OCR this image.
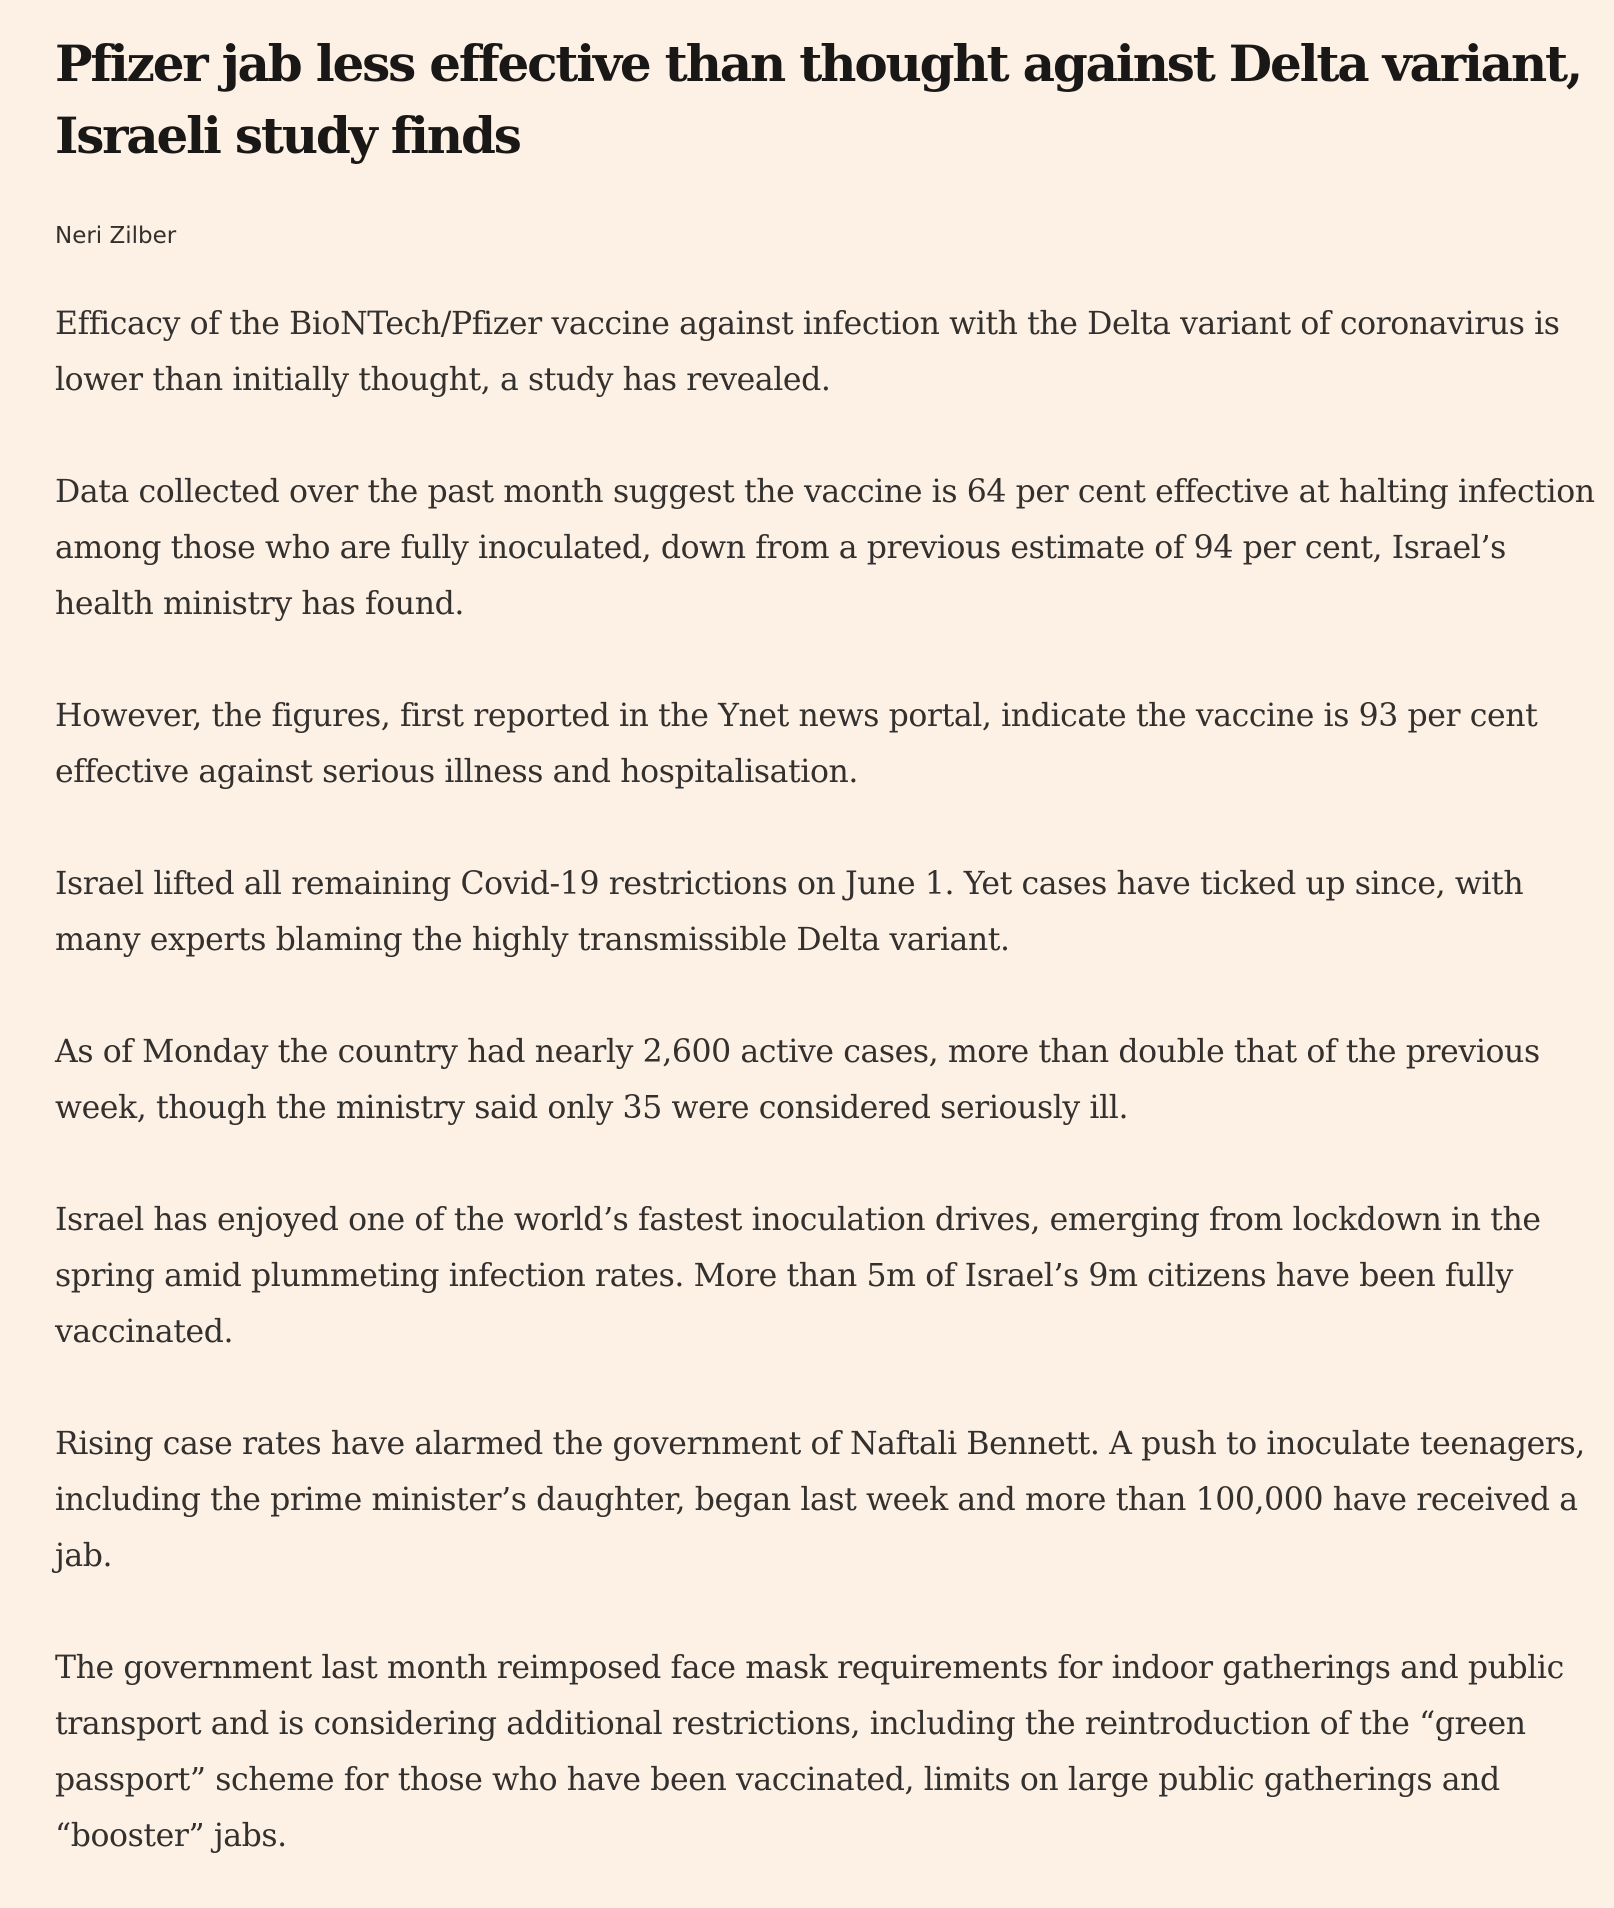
Pfizer jab less effective than thought against Delta variant, Israeli study finds
Neri Zilber

Efficacy of the BioNTech/Pfizer vaccine against infection with the Delta variant of coronavirus is lower than initially thought, a study has revealed.

Data collected over the past month suggest the vaccine is 64 per cent effective at halting infection among those who are fully inoculated, down from a previous estimate of 94 per cent, Israel’s health ministry has found.

However, the figures, first reported in the Ynet news portal, indicate the vaccine is 93 per cent effective against serious illness and hospitalisation.

Israel lifted all remaining Covid-19 restrictions on June 1. Yet cases have ticked up since, with many experts blaming the highly transmissible Delta variant.

As of Monday the country had nearly 2,600 active cases, more than double that of the previous week, though the ministry said only 35 were considered seriously ill.

Israel has enjoyed one of the world’s fastest inoculation drives, emerging from lockdown in the spring amid plummeting infection rates. More than 5m of Israel’s 9m citizens have been fully vaccinated.

Rising case rates have alarmed the government of Naftali Bennett. A push to inoculate teenagers, including the prime minister’s daughter, began last week and more than 100,000 have received a jab.

The government last month reimposed face mask requirements for indoor gatherings and public transport and is considering additional restrictions, including the reintroduction of the “green passport” scheme for those who have been vaccinated, limits on large public gatherings and “booster” jabs.
